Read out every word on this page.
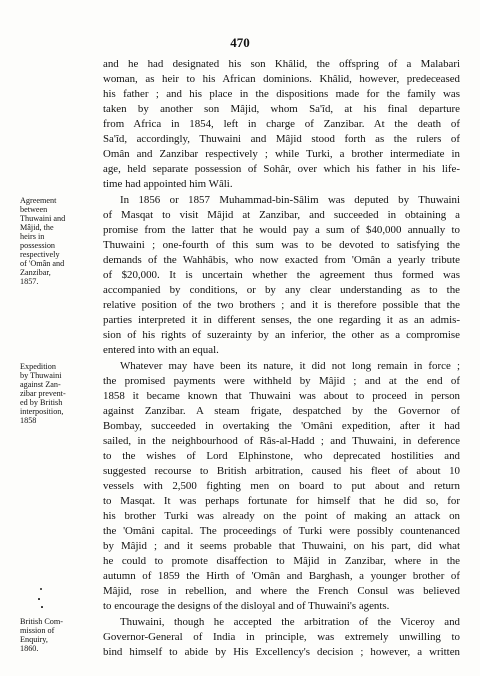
470

and he had designated his son Khâlid, the offspring of a Malabari

woman, as heir to his African dominions. Khâlid, however, predeceased

his father ; and his place in the dispositions made for the family was

taken by another son Mâjid, whom Sa'îd, at his final departure

from Africa in 1854, left in charge of Zanzibar. At the death of

Sa'îd, accordingly, Thuwaini and Mâjid stood forth as the rulers of

Omân and Zanzibar respectively ; while Turki, a brother intermediate in

age, held separate possession of Sohâr, over which his father in his life-

time had appointed him Wâli.

In 1856 or 1857 Muhammad-bin-Sâlim was deputed by Thuwaini

of Masqat to visit Mâjid at Zanzibar, and succeeded in obtaining a

promise from the latter that he would pay a sum of $40,000 annually to

Thuwaini ; one-fourth of this sum was to be devoted to satisfying the

demands of the Wahhâbis, who now exacted from 'Omân a yearly tribute

of $20,000. It is uncertain whether the agreement thus formed was

accompanied by conditions, or by any clear understanding as to the

relative position of the two brothers ; and it is therefore possible that the

parties interpreted it in different senses, the one regarding it as an admis-

sion of his rights of suzerainty by an inferior, the other as a compromise

entered into with an equal.

Whatever may have been its nature, it did not long remain in force ;

the promised payments were withheld by Mâjid ; and at the end of

1858 it became known that Thuwaini was about to proceed in person

against Zanzibar. A steam frigate, despatched by the Governor of

Bombay, succeeded in overtaking the 'Omâni expedition, after it had

sailed, in the neighbourhood of Râs-al-Hadd ; and Thuwaini, in deference

to the wishes of Lord Elphinstone, who deprecated hostilities and

suggested recourse to British arbitration, caused his fleet of about 10

vessels with 2,500 fighting men on board to put about and return

to Masqat. It was perhaps fortunate for himself that he did so, for

his brother Turki was already on the point of making an attack on

the 'Omâni capital. The proceedings of Turki were possibly countenanced

by Mâjid ; and it seems probable that Thuwaini, on his part, did what

he could to promote disaffection to Mâjid in Zanzibar, where in the

autumn of 1859 the Hirth of 'Omân and Barghash, a younger brother of

Mâjid, rose in rebellion, and where the French Consul was believed

to encourage the designs of the disloyal and of Thuwaini's agents.

Thuwaini, though he accepted the arbitration of the Viceroy and

Governor-General of India in principle, was extremely unwilling to

bind himself to abide by His Excellency's decision ; however, a written

Agreement

between

Thuwaini and

Mâjid, the

heirs in

possession

respectively

of 'Omân and

Zanzibar,

1857.

Expedition

by Thuwaini

against Zan-

zibar prevent-

ed by British

interposition,

1858

British Com-

mission of

Enquiry,

1860.
